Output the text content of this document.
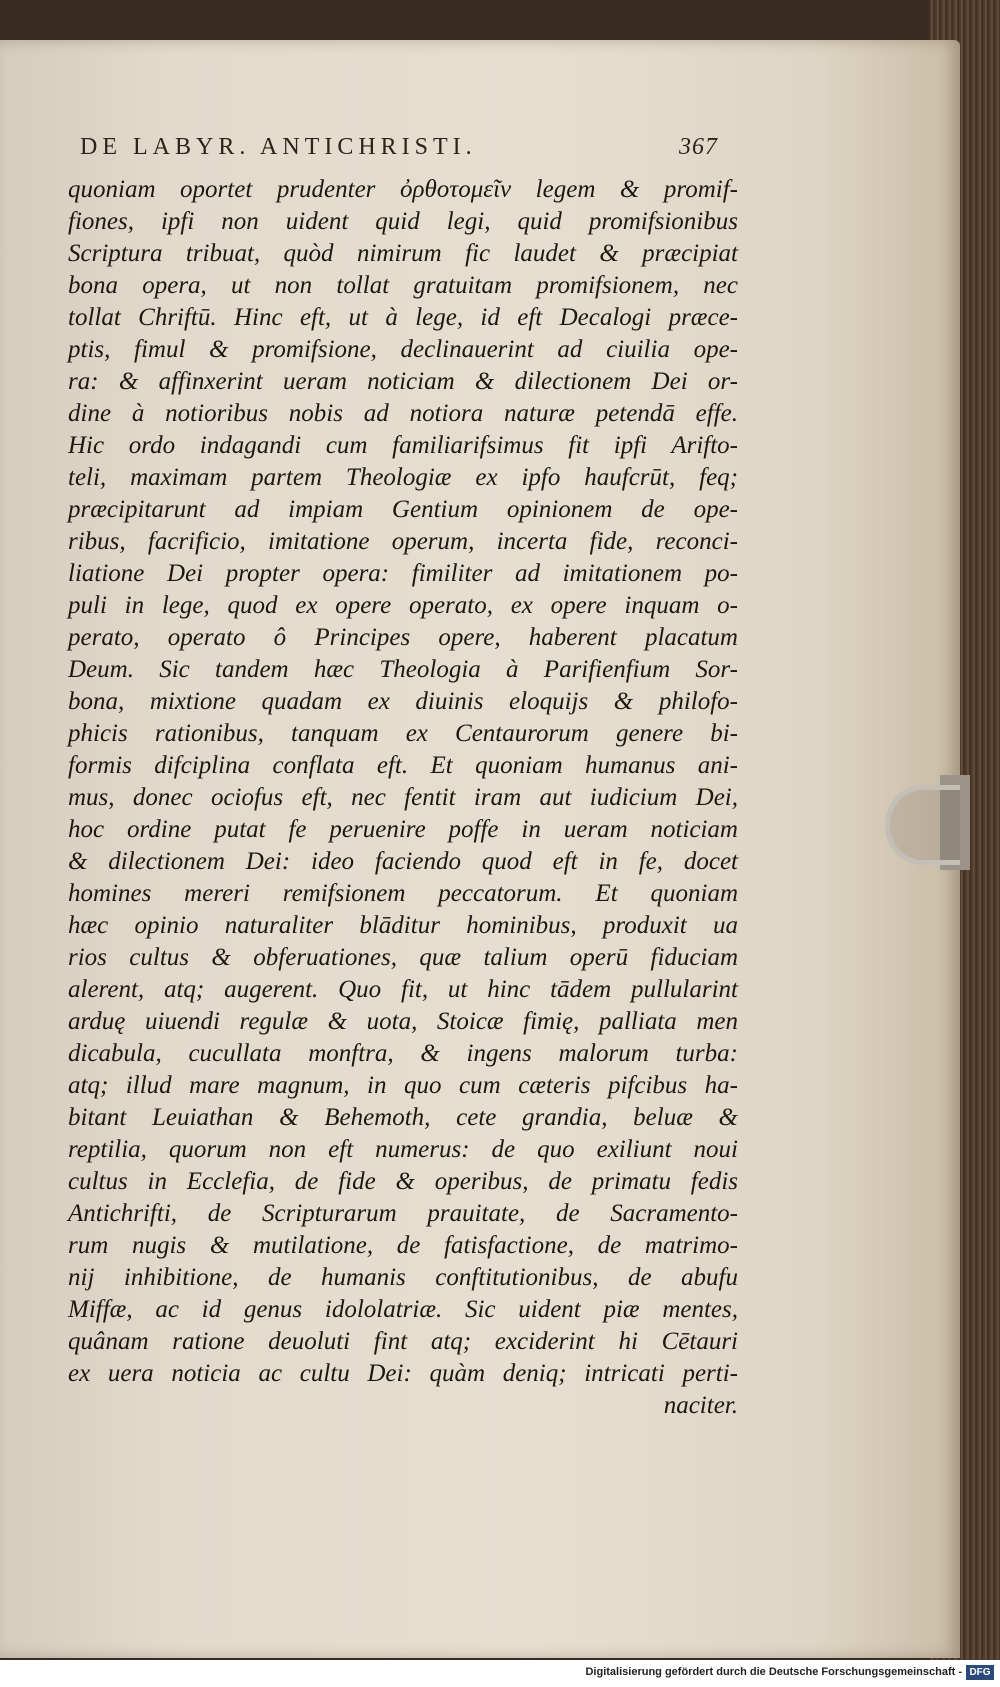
DE LABYR. ANTICHRISTI.	367
quoniam oportet prudenter ὀρθοτομεῖν legem & promif-
fiones, ipfi non uident quid legi, quid promifsionibus
Scriptura tribuat, quòd nimirum fic laudet & præcipiat
bona opera, ut non tollat gratuitam promifsionem, nec
tollat Chriftū. Hinc eft, ut à lege, id eft Decalogi præce-
ptis, fimul & promifsione, declinauerint ad ciuilia ope-
ra: & affinxerint ueram noticiam & dilectionem Dei or-
dine à notioribus nobis ad notiora naturæ petendā effe.
Hic ordo indagandi cum familiarifsimus fit ipfi Arifto-
teli, maximam partem Theologiæ ex ipfo haufcrūt, feq;
præcipitarunt ad impiam Gentium opinionem de ope-
ribus, facrificio, imitatione operum, incerta fide, reconci-
liatione Dei propter opera: fimiliter ad imitationem po-
puli in lege, quod ex opere operato, ex opere inquam o-
perato, operato ô Principes opere, haberent placatum
Deum. Sic tandem hæc Theologia à Parifienfium Sor-
bona, mixtione quadam ex diuinis eloquijs & philofo-
phicis rationibus, tanquam ex Centaurorum genere bi-
formis difciplina conflata eft. Et quoniam humanus ani-
mus, donec ociofus eft, nec fentit iram aut iudicium Dei,
hoc ordine putat fe peruenire poffe in ueram noticiam
& dilectionem Dei: ideo faciendo quod eft in fe, docet
homines mereri remifsionem peccatorum. Et quoniam
hæc opinio naturaliter blāditur hominibus, produxit ua
rios cultus & obferuationes, quæ talium operū fiduciam
alerent, atq; augerent. Quo fit, ut hinc tādem pullularint
arduę uiuendi regulæ & uota, Stoicæ fimię, palliata men
dicabula, cucullata monftra, & ingens malorum turba:
atq; illud mare magnum, in quo cum cæteris pifcibus ha-
bitant Leuiathan & Behemoth, cete grandia, beluæ &
reptilia, quorum non eft numerus: de quo exiliunt noui
cultus in Ecclefia, de fide & operibus, de primatu fedis
Antichrifti, de Scripturarum prauitate, de Sacramento-
rum nugis & mutilatione, de fatisfactione, de matrimo-
nij inhibitione, de humanis conftitutionibus, de abufu
Miffæ, ac id genus idololatriæ. Sic uident piæ mentes,
quânam ratione deuoluti fint atq; exciderint hi Cētauri
ex uera noticia ac cultu Dei: quàm deniq; intricati perti-
naciter.
Digitalisierung gefördert durch die Deutsche Forschungsgemeinschaft - DFG
